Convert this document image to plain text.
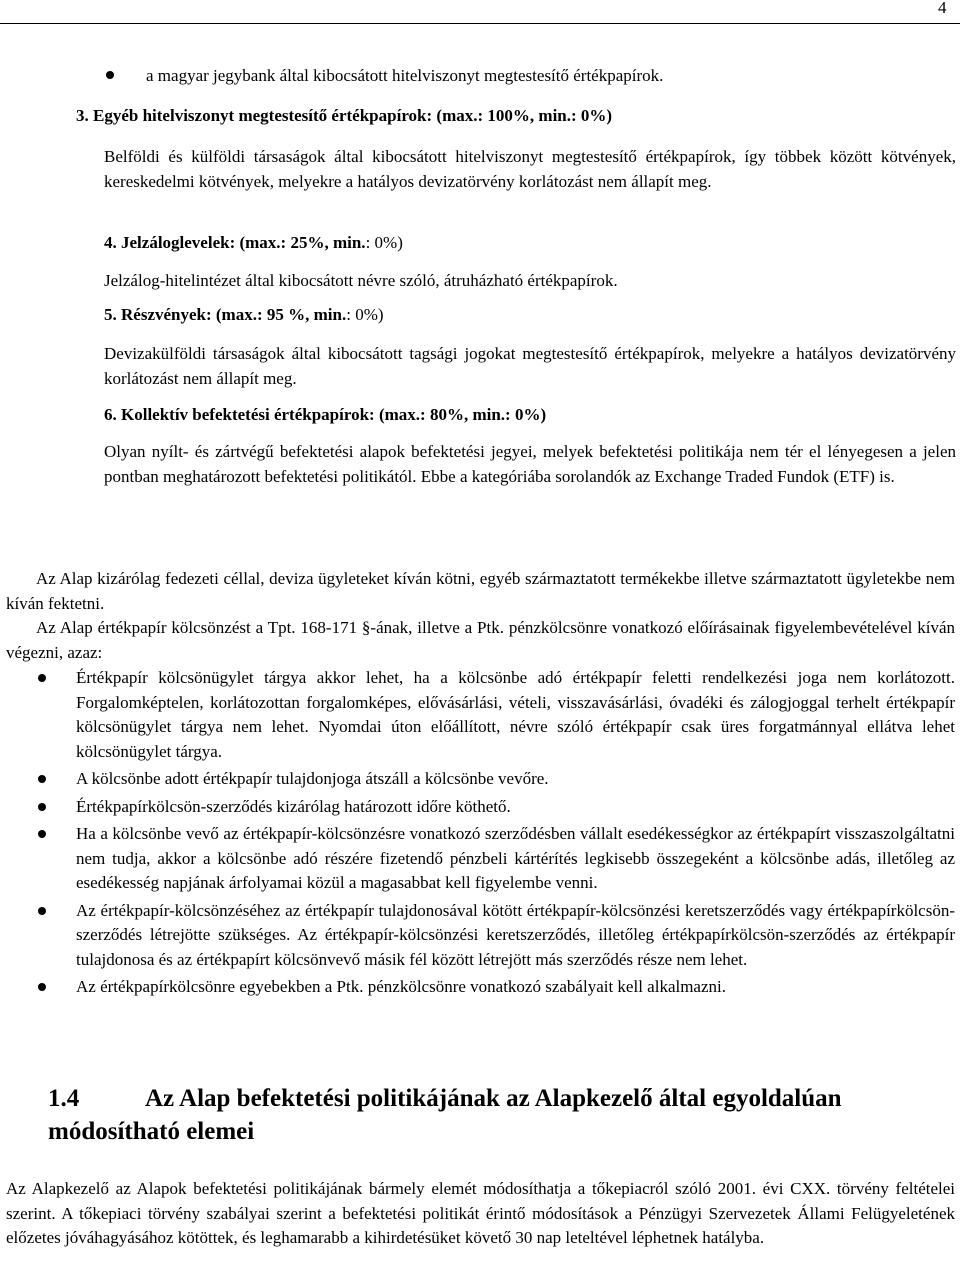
4
a magyar jegybank által kibocsátott hitelviszonyt megtestesítő értékpapírok.
3. Egyéb hitelviszonyt megtestesítő értékpapírok: (max.: 100%, min.: 0%)

Belföldi és külföldi társaságok által kibocsátott hitelviszonyt megtestesítő értékpapírok, így többek között kötvények, kereskedelmi kötvények, melyekre a hatályos devizatörvény korlátozást nem állapít meg.

4. Jelzáloglevelek: (max.: 25%, min.: 0%)

Jelzálog-hitelintézet által kibocsátott névre szóló, átruházható értékpapírok.

5. Részvények: (max.: 95 %, min.: 0%)

Devizakülföldi társaságok által kibocsátott tagsági jogokat megtestesítő értékpapírok, melyekre a hatályos devizatörvény korlátozást nem állapít meg.

6. Kollektív befektetési értékpapírok: (max.: 80%, min.: 0%)

Olyan nyílt- és zártvégű befektetési alapok befektetési jegyei, melyek befektetési politikája nem tér el lényegesen a jelen pontban meghatározott befektetési politikától. Ebbe a kategóriába sorolandók az Exchange Traded Fundok (ETF) is.

Az Alap kizárólag fedezeti céllal, deviza ügyleteket kíván kötni, egyéb származtatott termékekbe illetve származtatott ügyletekbe nem kíván fektetni.

Az Alap értékpapír kölcsönzést a Tpt. 168-171 §-ának, illetve a Ptk. pénzkölcsönre vonatkozó előírásainak figyelembevételével kíván végezni, azaz:

Értékpapír kölcsönügylet tárgya akkor lehet, ha a kölcsönbe adó értékpapír feletti rendelkezési joga nem korlátozott. Forgalomképtelen, korlátozottan forgalomképes, elővásárlási, vételi, visszavásárlási, óvadéki és zálogjoggal terhelt értékpapír kölcsönügylet tárgya nem lehet. Nyomdai úton előállított, névre szóló értékpapír csak üres forgatmánnyal ellátva lehet kölcsönügylet tárgya.
A kölcsönbe adott értékpapír tulajdonjoga átszáll a kölcsönbe vevőre.
Értékpapírkölcsön-szerződés kizárólag határozott időre köthető.
Ha a kölcsönbe vevő az értékpapír-kölcsönzésre vonatkozó szerződésben vállalt esedékességkor az értékpapírt visszaszolgáltatni nem tudja, akkor a kölcsönbe adó részére fizetendő pénzbeli kártérítés legkisebb összegeként a kölcsönbe adás, illetőleg az esedékesség napjának árfolyamai közül a magasabbat kell figyelembe venni.
Az értékpapír-kölcsönzéséhez az értékpapír tulajdonosával kötött értékpapír-kölcsönzési keretszerződés vagy értékpapírkölcsön-szerződés létrejötte szükséges. Az értékpapír-kölcsönzési keretszerződés, illetőleg értékpapírkölcsön-szerződés az értékpapír tulajdonosa és az értékpapírt kölcsönvevő másik fél között létrejött más szerződés része nem lehet.
Az értékpapírkölcsönre egyebekben a Ptk. pénzkölcsönre vonatkozó szabályait kell alkalmazni.
1.4	Az Alap befektetési politikájának az Alapkezelő által egyoldalúan módosítható elemei
Az Alapkezelő az Alapok befektetési politikájának bármely elemét módosíthatja a tőkepiacról szóló 2001. évi CXX. törvény feltételei szerint. A tőkepiaci törvény szabályai szerint a befektetési politikát érintő módosítások a Pénzügyi Szervezetek Állami Felügyeletének előzetes jóváhagyásához kötöttek, és leghamarabb a kihirdetésüket követő 30 nap leteltével léphetnek hatályba.
